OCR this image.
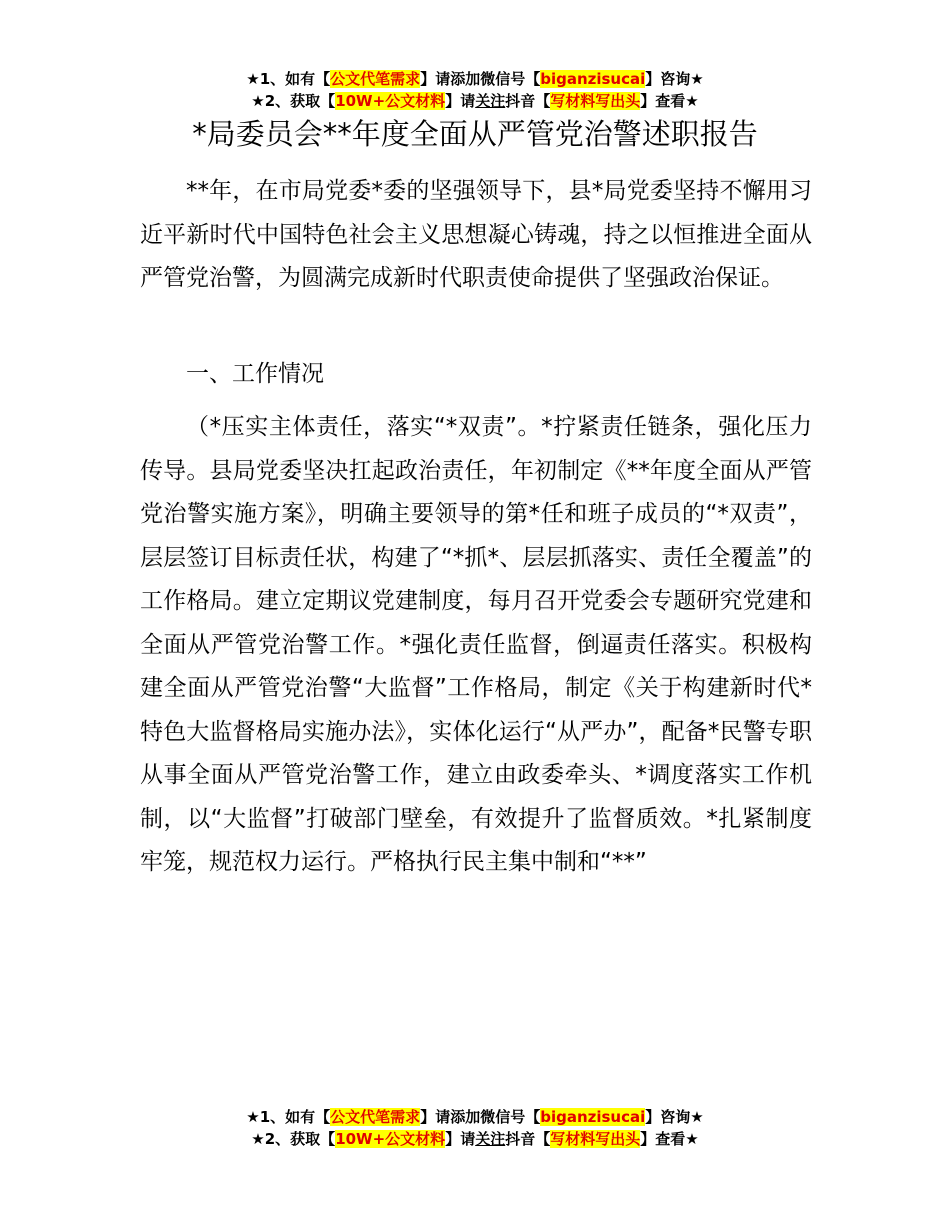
★1、如有【公文代笔需求】请添加微信号【biganzisucai】咨询★
★2、获取【10W+公文材料】请关注抖音【写材料写出头】查看★
*局委员会**年度全面从严管党治警述职报告

**年，在市局党委*委的坚强领导下，县*局党委坚持不懈用习近平新时代中国特色社会主义思想凝心铸魂，持之以恒推进全面从严管党治警，为圆满完成新时代职责使命提供了坚强政治保证。

一、工作情况

（*压实主体责任，落实“*双责”。*拧紧责任链条，强化压力传导。县局党委坚决扛起政治责任，年初制定《**年度全面从严管党治警实施方案》，明确主要领导的第*任和班子成员的“*双责”，层层签订目标责任状，构建了“*抓*、层层抓落实、责任全覆盖”的工作格局。建立定期议党建制度，每月召开党委会专题研究党建和全面从严管党治警工作。*强化责任监督，倒逼责任落实。积极构建全面从严管党治警“大监督”工作格局，制定《关于构建新时代*特色大监督格局实施办法》，实体化运行“从严办”，配备*民警专职从事全面从严管党治警工作，建立由政委牵头、*调度落实工作机制，以“大监督”打破部门壁垒，有效提升了监督质效。*扎紧制度牢笼，规范权力运行。严格执行民主集中制和“**”

★1、如有【公文代笔需求】请添加微信号【biganzisucai】咨询★
★2、获取【10W+公文材料】请关注抖音【写材料写出头】查看★
